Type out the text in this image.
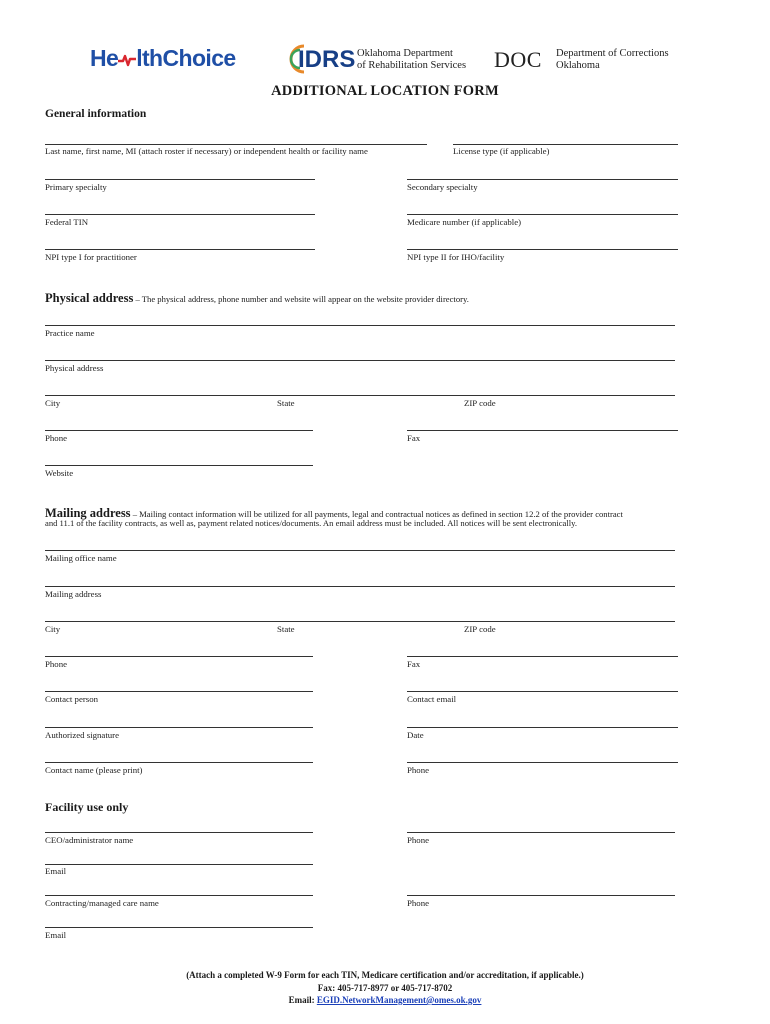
He lthChoice	IDRS Oklahoma Department
of Rehabilitation Services DOC Department of Corrections
Oklahoma
ADDITIONAL LOCATION FORM
General information
Last name, first name, MI (attach roster if necessary) or independent health or facility name	License type (if applicable)
Primary specialty	Secondary specialty
Federal TIN	Medicare number (if applicable)
NPI type I for practitioner	NPI type II for IHO/facility
Physical address – The physical address, phone number and website will appear on the website provider directory.
Practice name
Physical address
City	State	ZIP code
Phone	Fax
Website
Mailing address – Mailing contact information will be utilized for all payments, legal and contractual notices as defined in section 12.2 of the provider contract
and 11.1 of the facility contracts, as well as, payment related notices/documents. An email address must be included. All notices will be sent electronically.
Mailing office name
Mailing address
City	State	ZIP code
Phone	Fax
Contact person	Contact email
Authorized signature	Date
Contact name (please print)	Phone
Facility use only
CEO/administrator name	Phone
Email
Contracting/managed care name	Phone
Email
(Attach a completed W-9 Form for each TIN, Medicare certification and/or accreditation, if applicable.)
Fax: 405-717-8977 or 405-717-8702
Email: EGID.NetworkManagement@omes.ok.gov
